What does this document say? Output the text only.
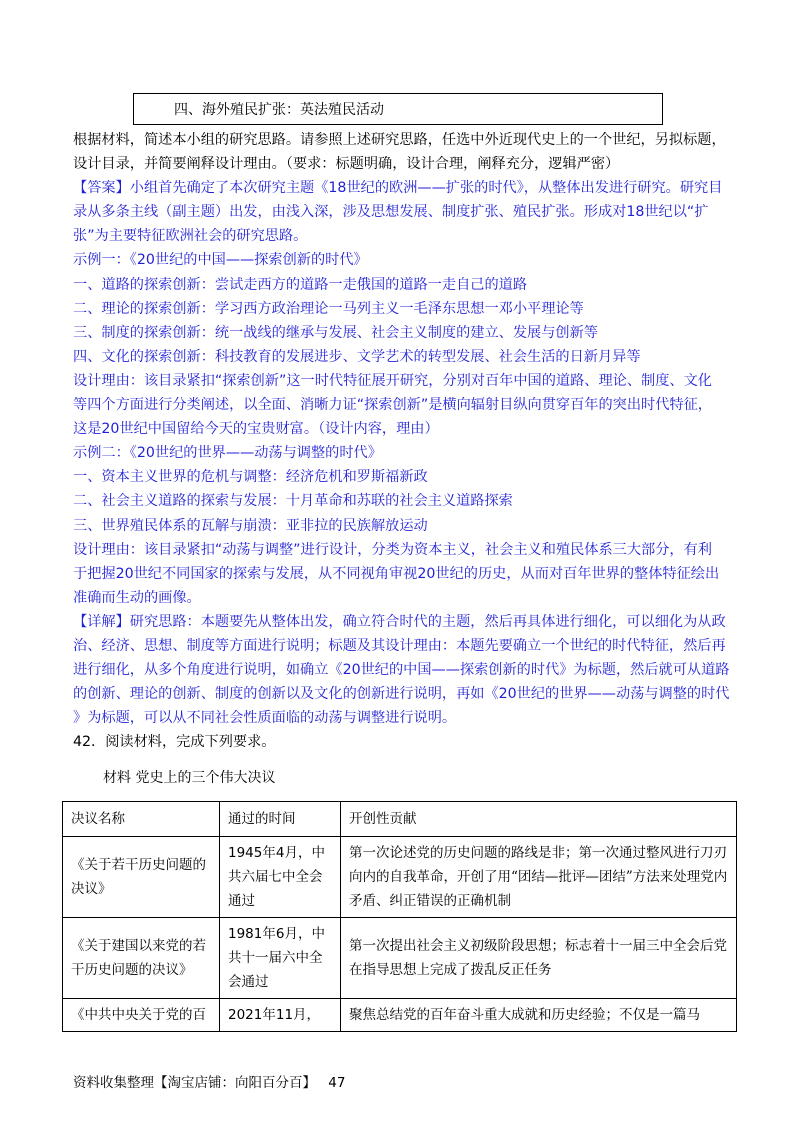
四、海外殖民扩张：英法殖民活动
根据材料，简述本小组的研究思路。请参照上述研究思路，任选中外近现代史上的一个世纪，另拟标题，
设计目录，并简要阐释设计理由。（要求：标题明确，设计合理，阐释充分，逻辑严密）
【答案】小组首先确定了本次研究主题《18世纪的欧洲——扩张的时代》，从整体出发进行研究。研究目
录从多条主线（副主题）出发，由浅入深，涉及思想发展、制度扩张、殖民扩张。形成对18世纪以“扩
张”为主要特征欧洲社会的研究思路。
示例一：《20世纪的中国——探索创新的时代》
一、道路的探索创新：尝试走西方的道路一走俄国的道路一走自己的道路
二、理论的探索创新：学习西方政治理论一马列主义一毛泽东思想一邓小平理论等
三、制度的探索创新：统一战线的继承与发展、社会主义制度的建立、发展与创新等
四、文化的探索创新：科技教育的发展进步、文学艺术的转型发展、社会生活的日新月异等
设计理由：该目录紧扣“探索创新”这一时代特征展开研究，分别对百年中国的道路、理论、制度、文化
等四个方面进行分类阐述，以全面、消晰力证“探索创新”是横向辐射目纵向贯穿百年的突出时代特征，
这是20世纪中国留给今天的宝贵财富。（设计内容，理由）
示例二：《20世纪的世界——动荡与调整的时代》
一、资本主义世界的危机与调整：经济危机和罗斯福新政
二、社会主义道路的探索与发展：十月革命和苏联的社会主义道路探索
三、世界殖民体系的瓦解与崩溃：亚非拉的民族解放运动
设计理由：该目录紧扣“动荡与调整”进行设计，分类为资本主义，社会主义和殖民体系三大部分，有利
于把握20世纪不同国家的探索与发展，从不同视角审视20世纪的历史，从而对百年世界的整体特征绘出
准确而生动的画像。
【详解】研究思路：本题要先从整体出发，确立符合时代的主题，然后再具体进行细化，可以细化为从政
治、经济、思想、制度等方面进行说明；标题及其设计理由：本题先要确立一个世纪的时代特征，然后再
进行细化，从多个角度进行说明，如确立《20世纪的中国——探索创新的时代》为标题，然后就可从道路
的创新、理论的创新、制度的创新以及文化的创新进行说明，再如《20世纪的世界——动荡与调整的时代
》为标题，可以从不同社会性质面临的动荡与调整进行说明。
42．阅读材料，完成下列要求。
材料 党史上的三个伟大决议
决议名称	通过的时间	开创性贡献
《关于若干历史问题的决议》	1945年4月，中共六届七中全会通过	第一次论述党的历史问题的路线是非；第一次通过整风进行刀刃向内的自我革命，开创了用“团结—批评—团结”方法来处理党内矛盾、纠正错误的正确机制
《关于建国以来党的若干历史问题的决议》	1981年6月，中共十一届六中全会通过	第一次提出社会主义初级阶段思想；标志着十一届三中全会后党在指导思想上完成了拨乱反正任务
《中共中央关于党的百	2021年11月，	聚焦总结党的百年奋斗重大成就和历史经验；不仅是一篇马
资料收集整理【淘宝店铺：向阳百分百】 47
